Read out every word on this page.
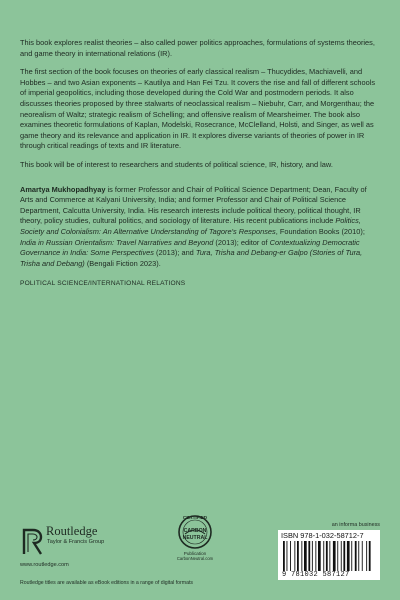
This book explores realist theories – also called power politics approaches, formulations of systems theories, and game theory in international relations (IR).

The first section of the book focuses on theories of early classical realism – Thucydides, Machiavelli, and Hobbes – and two Asian exponents – Kautilya and Han Fei Tzu. It covers the rise and fall of different schools of imperial geopolitics, including those developed during the Cold War and postmodern periods. It also discusses theories proposed by three stalwarts of neoclassical realism – Niebuhr, Carr, and Morgenthau; the neorealism of Waltz; strategic realism of Schelling; and offensive realism of Mearsheimer. The book also examines theoretic formulations of Kaplan, Modelski, Rosecrance, McClelland, Holsti, and Singer, as well as game theory and its relevance and application in IR. It explores diverse variants of theories of power in IR through critical readings of texts and IR literature.

This book will be of interest to researchers and students of political science, IR, history, and law.

Amartya Mukhopadhyay is former Professor and Chair of Political Science Department; Dean, Faculty of Arts and Commerce at Kalyani University, India; and former Professor and Chair of Political Science Department, Calcutta University, India. His research interests include political theory, political thought, IR theory, policy studies, cultural politics, and sociology of literature. His recent publications include Politics, Society and Colonialism: An Alternative Understanding of Tagore's Responses, Foundation Books (2010); India in Russian Orientalism: Travel Narratives and Beyond (2013); editor of Contextualizing Democratic Governance in India: Some Perspectives (2013); and Tura, Trisha and Debang-er Galpo (Stories of Tura, Trisha and Debang) (Bengali Fiction 2023).

POLITICAL SCIENCE/INTERNATIONAL RELATIONS

Routledge
Taylor & Francis Group
www.routledge.com
Routledge titles are available as eBook editions in a range of digital formats
CERTIFIED
CARBON
NEUTRAL
Publication
CarbonNeutral.com
an informa business
ISBN 978-1-032-58712-7
9 781032 587127
